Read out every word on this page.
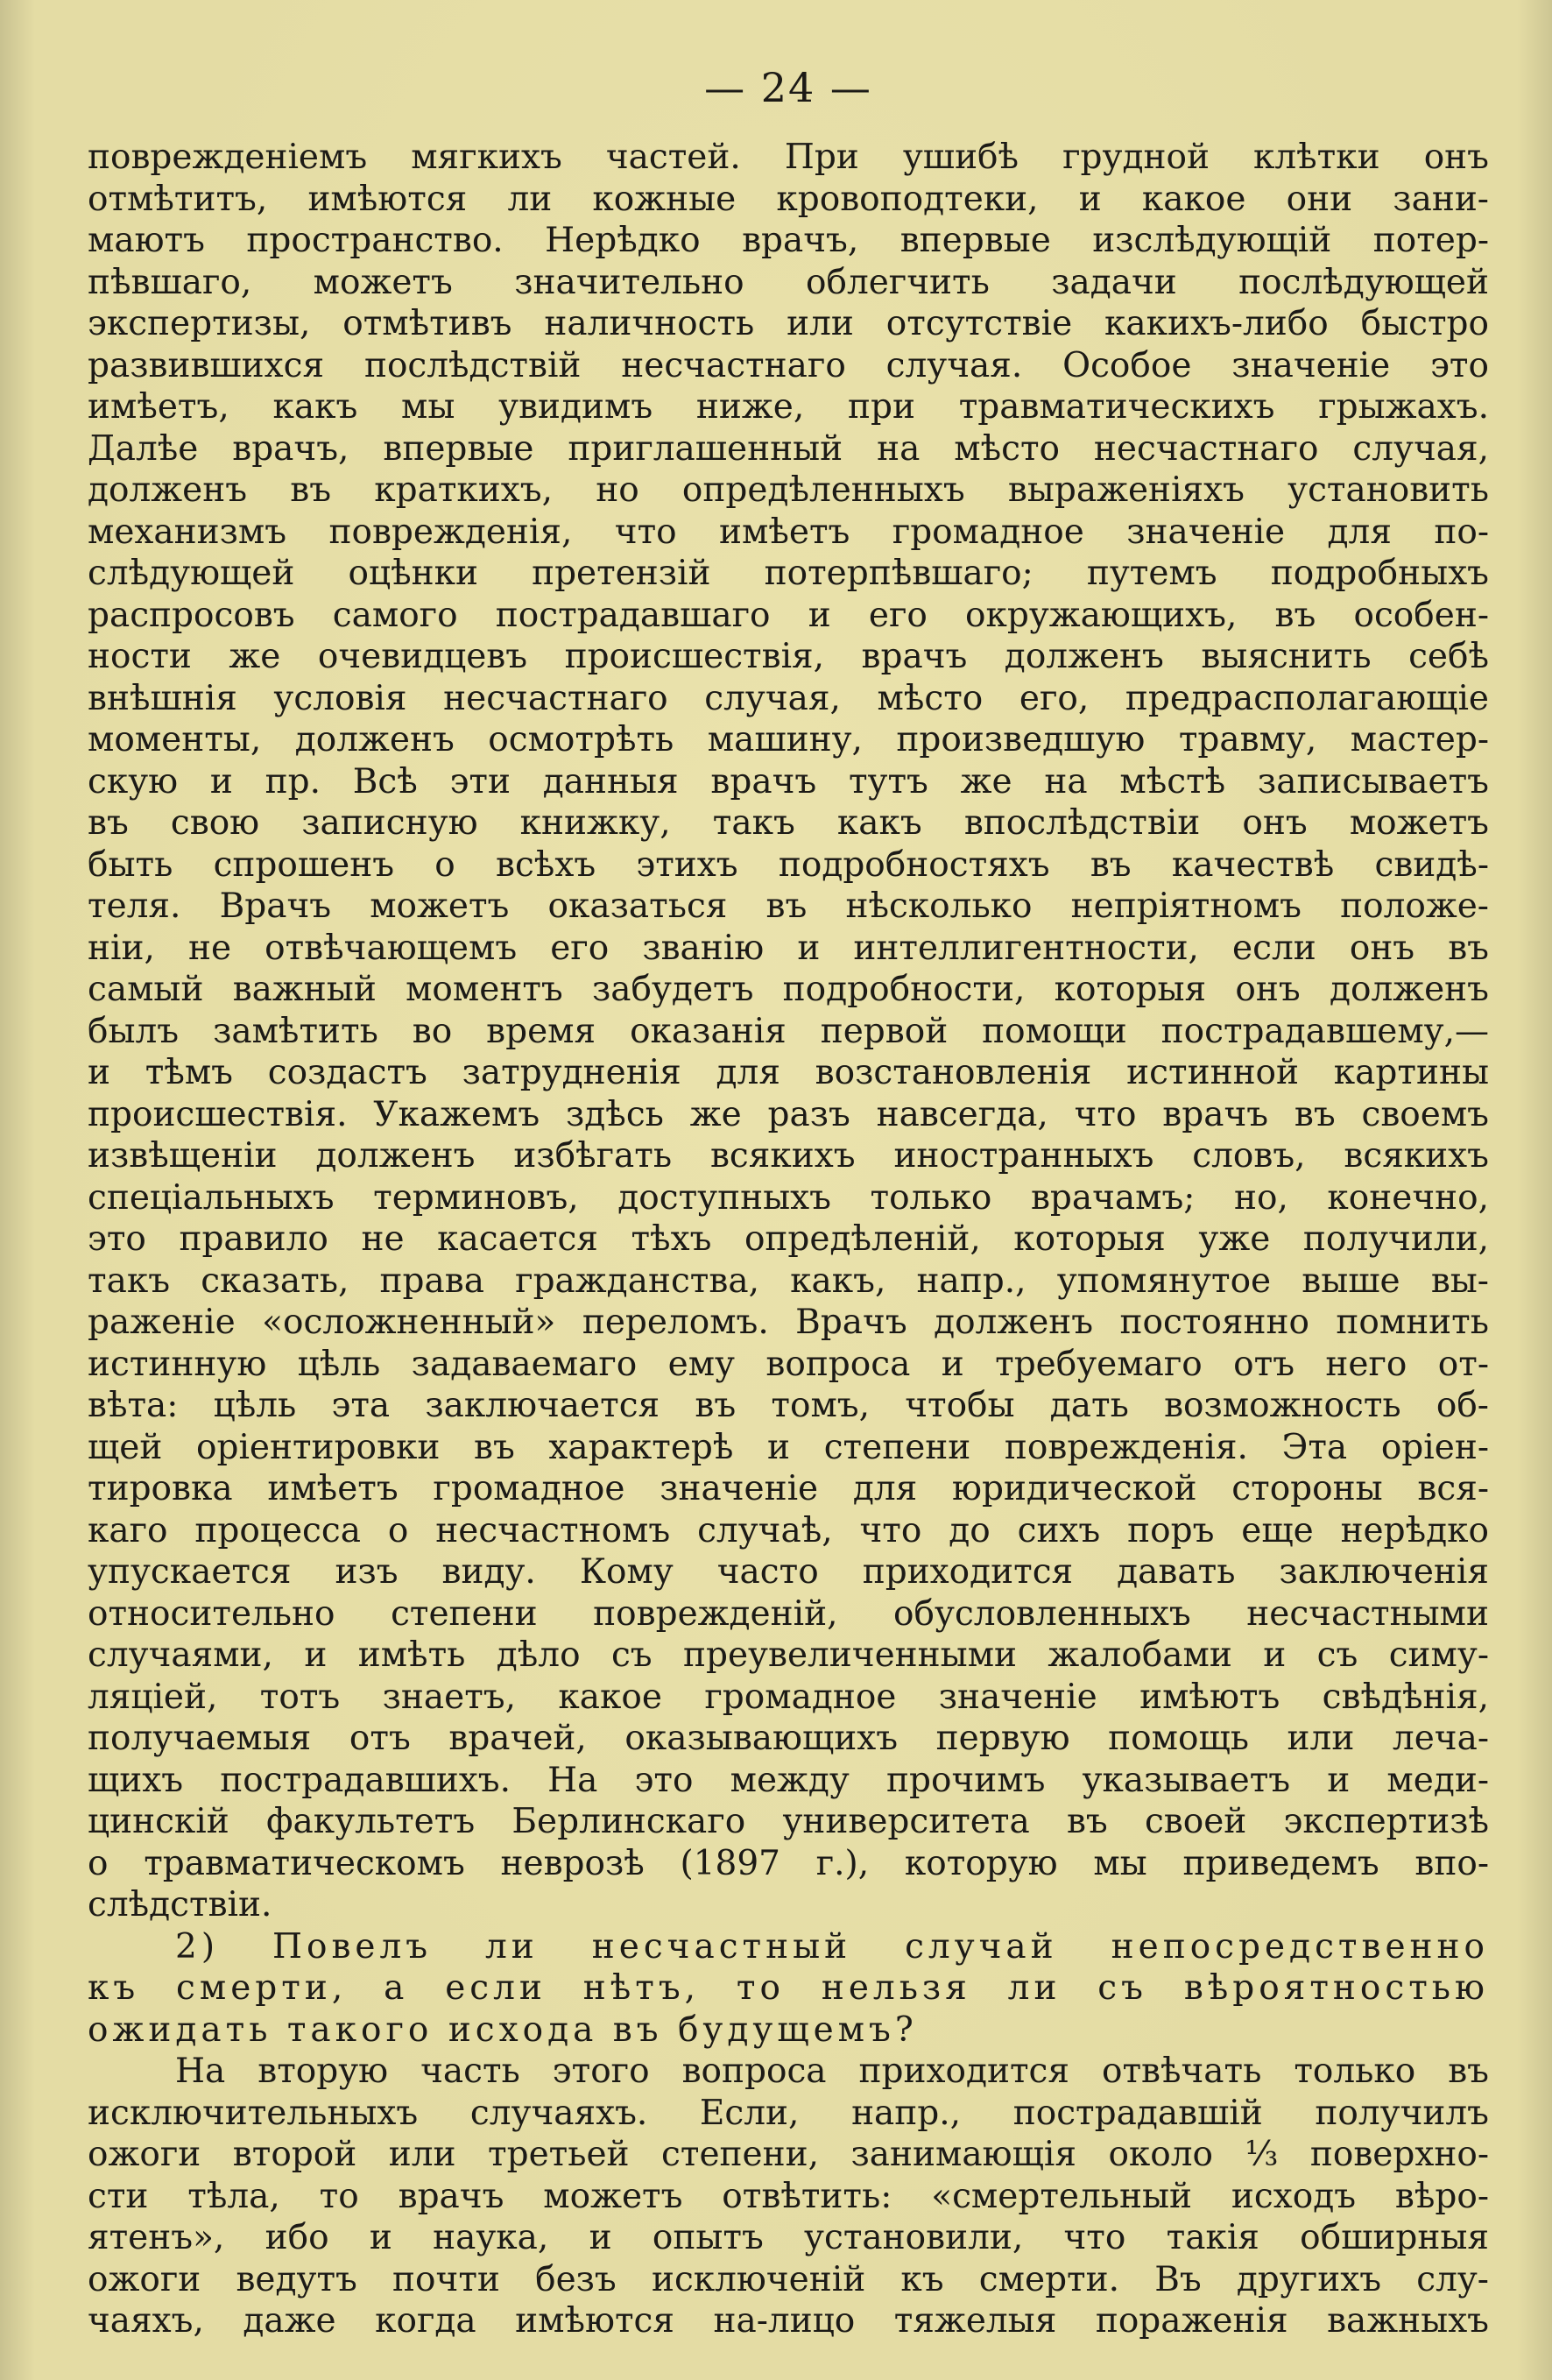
— 24 —
поврежденіемъ мягкихъ частей. При ушибѣ грудной клѣтки онъ
отмѣтитъ, имѣются ли кожные кровоподтеки, и какое они зани-
маютъ пространство. Нерѣдко врачъ, впервые изслѣдующій потер-
пѣвшаго, можетъ значительно облегчить задачи послѣдующей
экспертизы, отмѣтивъ наличность или отсутствіе какихъ-либо быстро
развившихся послѣдствій несчастнаго случая. Особое значеніе это
имѣетъ, какъ мы увидимъ ниже, при травматическихъ грыжахъ.
Далѣе врачъ, впервые приглашенный на мѣсто несчастнаго случая,
долженъ въ краткихъ, но опредѣленныхъ выраженіяхъ установить
механизмъ поврежденія, что имѣетъ громадное значеніе для по-
слѣдующей оцѣнки претензій потерпѣвшаго; путемъ подробныхъ
распросовъ самого пострадавшаго и его окружающихъ, въ особен-
ности же очевидцевъ происшествія, врачъ долженъ выяснить себѣ
внѣшнія условія несчастнаго случая, мѣсто его, предрасполагающіе
моменты, долженъ осмотрѣть машину, произведшую травму, мастер-
скую и пр. Всѣ эти данныя врачъ тутъ же на мѣстѣ записываетъ
въ свою записную книжку, такъ какъ впослѣдствіи онъ можетъ
быть спрошенъ о всѣхъ этихъ подробностяхъ въ качествѣ свидѣ-
теля. Врачъ можетъ оказаться въ нѣсколько непріятномъ положе-
ніи, не отвѣчающемъ его званію и интеллигентности, если онъ въ
самый важный моментъ забудетъ подробности, которыя онъ долженъ
былъ замѣтить во время оказанія первой помощи пострадавшему,—
и тѣмъ создастъ затрудненія для возстановленія истинной картины
происшествія. Укажемъ здѣсь же разъ навсегда, что врачъ въ своемъ
извѣщеніи долженъ избѣгать всякихъ иностранныхъ словъ, всякихъ
спеціальныхъ терминовъ, доступныхъ только врачамъ; но, конечно,
это правило не касается тѣхъ опредѣленій, которыя уже получили,
такъ сказать, права гражданства, какъ, напр., упомянутое выше вы-
раженіе «осложненный» переломъ. Врачъ долженъ постоянно помнить
истинную цѣль задаваемаго ему вопроса и требуемаго отъ него от-
вѣта: цѣль эта заключается въ томъ, чтобы дать возможность об-
щей оріентировки въ характерѣ и степени поврежденія. Эта оріен-
тировка имѣетъ громадное значеніе для юридической стороны вся-
каго процесса о несчастномъ случаѣ, что до сихъ поръ еще нерѣдко
упускается изъ виду. Кому часто приходится давать заключенія
относительно степени поврежденій, обусловленныхъ несчастными
случаями, и имѣть дѣло съ преувеличенными жалобами и съ симу-
ляціей, тотъ знаетъ, какое громадное значеніе имѣютъ свѣдѣнія,
получаемыя отъ врачей, оказывающихъ первую помощь или леча-
щихъ пострадавшихъ. На это между прочимъ указываетъ и меди-
цинскій факультетъ Берлинскаго университета въ своей экспертизѣ
о травматическомъ неврозѣ (1897 г.), которую мы приведемъ впо-
слѣдствіи.
2) Повелъ ли несчастный случай непосредственно
къ смерти, а если нѣтъ, то нельзя ли съ вѣроятностью
ожидать такого исхода въ будущемъ?
На вторую часть этого вопроса приходится отвѣчать только въ
исключительныхъ случаяхъ. Если, напр., пострадавшій получилъ
ожоги второй или третьей степени, занимающія около ⅓ поверхно-
сти тѣла, то врачъ можетъ отвѣтить: «смертельный исходъ вѣро-
ятенъ», ибо и наука, и опытъ установили, что такія обширныя
ожоги ведутъ почти безъ исключеній къ смерти. Въ другихъ слу-
чаяхъ, даже когда имѣются на-лицо тяжелыя пораженія важныхъ
